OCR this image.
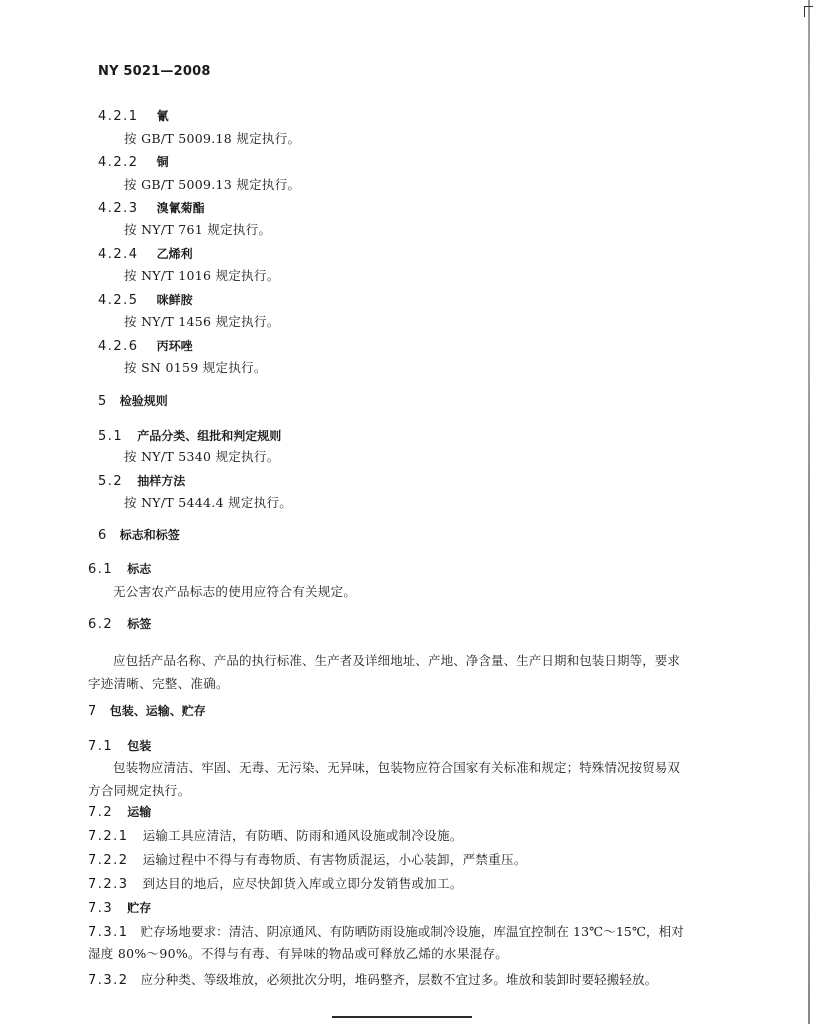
NY 5021—2008
4.2.1 氰
按 GB/T 5009.18 规定执行。
4.2.2 铜
按 GB/T 5009.13 规定执行。
4.2.3 溴氰菊酯
按 NY/T 761 规定执行。
4.2.4 乙烯利
按 NY/T 1016 规定执行。
4.2.5 咪鲜胺
按 NY/T 1456 规定执行。
4.2.6 丙环唑
按 SN 0159 规定执行。
5 检验规则
5.1 产品分类、组批和判定规则
按 NY/T 5340 规定执行。
5.2 抽样方法
按 NY/T 5444.4 规定执行。
6 标志和标签
6.1 标志
无公害农产品标志的使用应符合有关规定。
6.2 标签
应包括产品名称、产品的执行标准、生产者及详细地址、产地、净含量、生产日期和包装日期等，要求
字迹清晰、完整、准确。
7 包装、运输、贮存
7.1 包装
包装物应清洁、牢固、无毒、无污染、无异味，包装物应符合国家有关标准和规定；特殊情况按贸易双
方合同规定执行。
7.2 运输
7.2.1 运输工具应清洁，有防晒、防雨和通风设施或制冷设施。
7.2.2 运输过程中不得与有毒物质、有害物质混运，小心装卸，严禁重压。
7.2.3 到达目的地后，应尽快卸货入库或立即分发销售或加工。
7.3 贮存
7.3.1 贮存场地要求：清洁、阴凉通风、有防晒防雨设施或制冷设施，库温宜控制在 13℃～15℃，相对
湿度 80%～90%。不得与有毒、有异味的物品或可释放乙烯的水果混存。
7.3.2 应分种类、等级堆放，必须批次分明，堆码整齐，层数不宜过多。堆放和装卸时要轻搬轻放。
